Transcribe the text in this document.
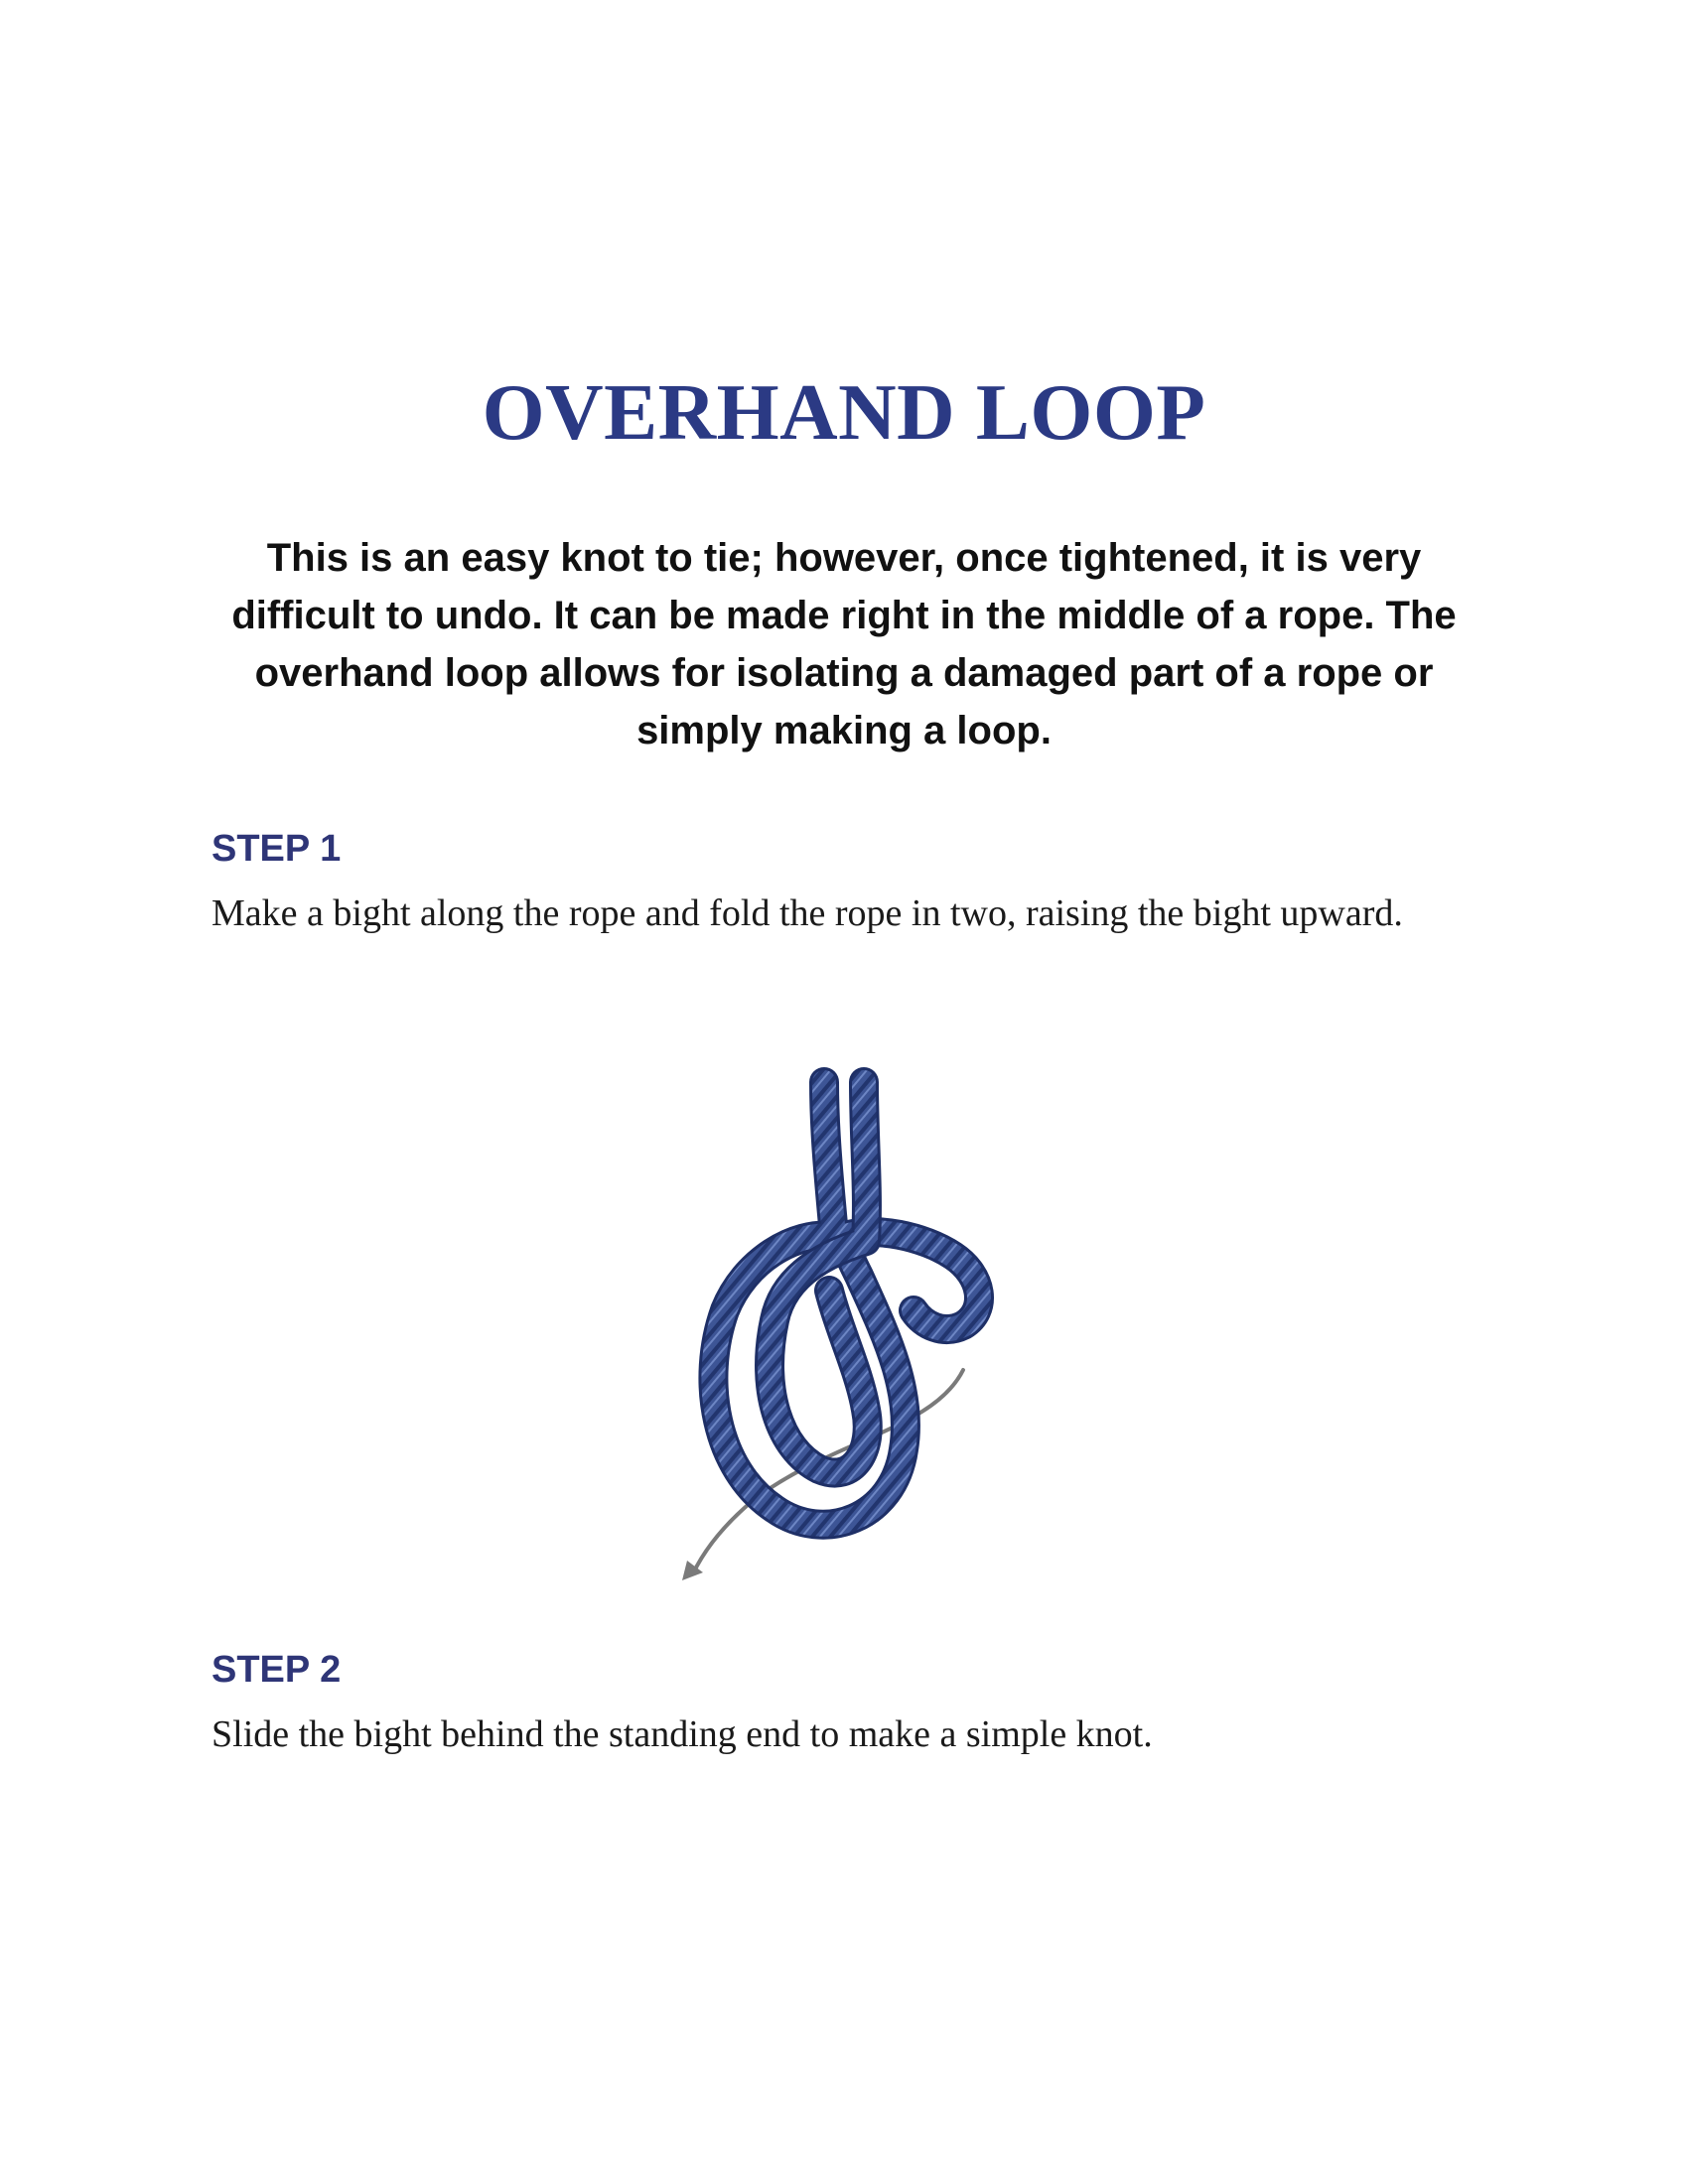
OVERHAND LOOP

This is an easy knot to tie; however, once tightened, it is very difficult to undo. It can be made right in the middle of a rope. The overhand loop allows for isolating a damaged part of a rope or simply making a loop.

STEP 1

Make a bight along the rope and fold the rope in two, raising the bight upward.

STEP 2

Slide the bight behind the standing end to make a simple knot.
